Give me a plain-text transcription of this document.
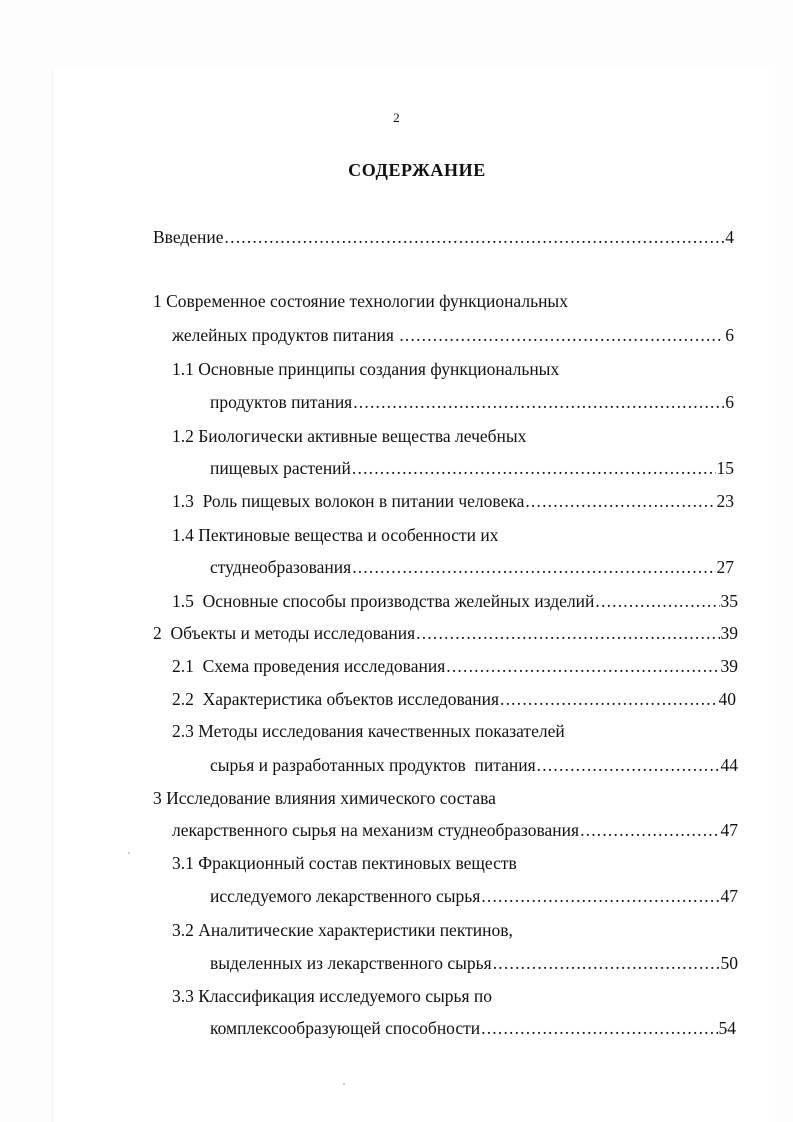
2
СОДЕРЖАНИЕ
Введение .....	4
1 Современное состояние технологии функциональных
желейных продуктов питания .....	6
1.1 Основные принципы создания функциональных
продуктов питания .....	6
1.2 Биологически активные вещества лечебных
пищевых растений .....	15
1.3  Роль пищевых волокон в питании человека .....	23
1.4 Пектиновые вещества и особенности их
студнеобразования .....	27
1.5  Основные способы производства желейных изделий .....	35
2  Объекты и методы исследования .....	39
2.1  Схема проведения исследования .....	39
2.2  Характеристика объектов исследования .....	40
2.3 Методы исследования качественных показателей
сырья и разработанных продуктов  питания .....	44
3 Исследование влияния химического состава
лекарственного сырья на механизм студнеобразования .....	47
3.1 Фракционный состав пектиновых веществ
исследуемого лекарственного сырья .....	47
3.2 Аналитические характеристики пектинов,
выделенных из лекарственного сырья .....	50
3.3 Классификация исследуемого сырья по
комплексообразующей способности .....	54
